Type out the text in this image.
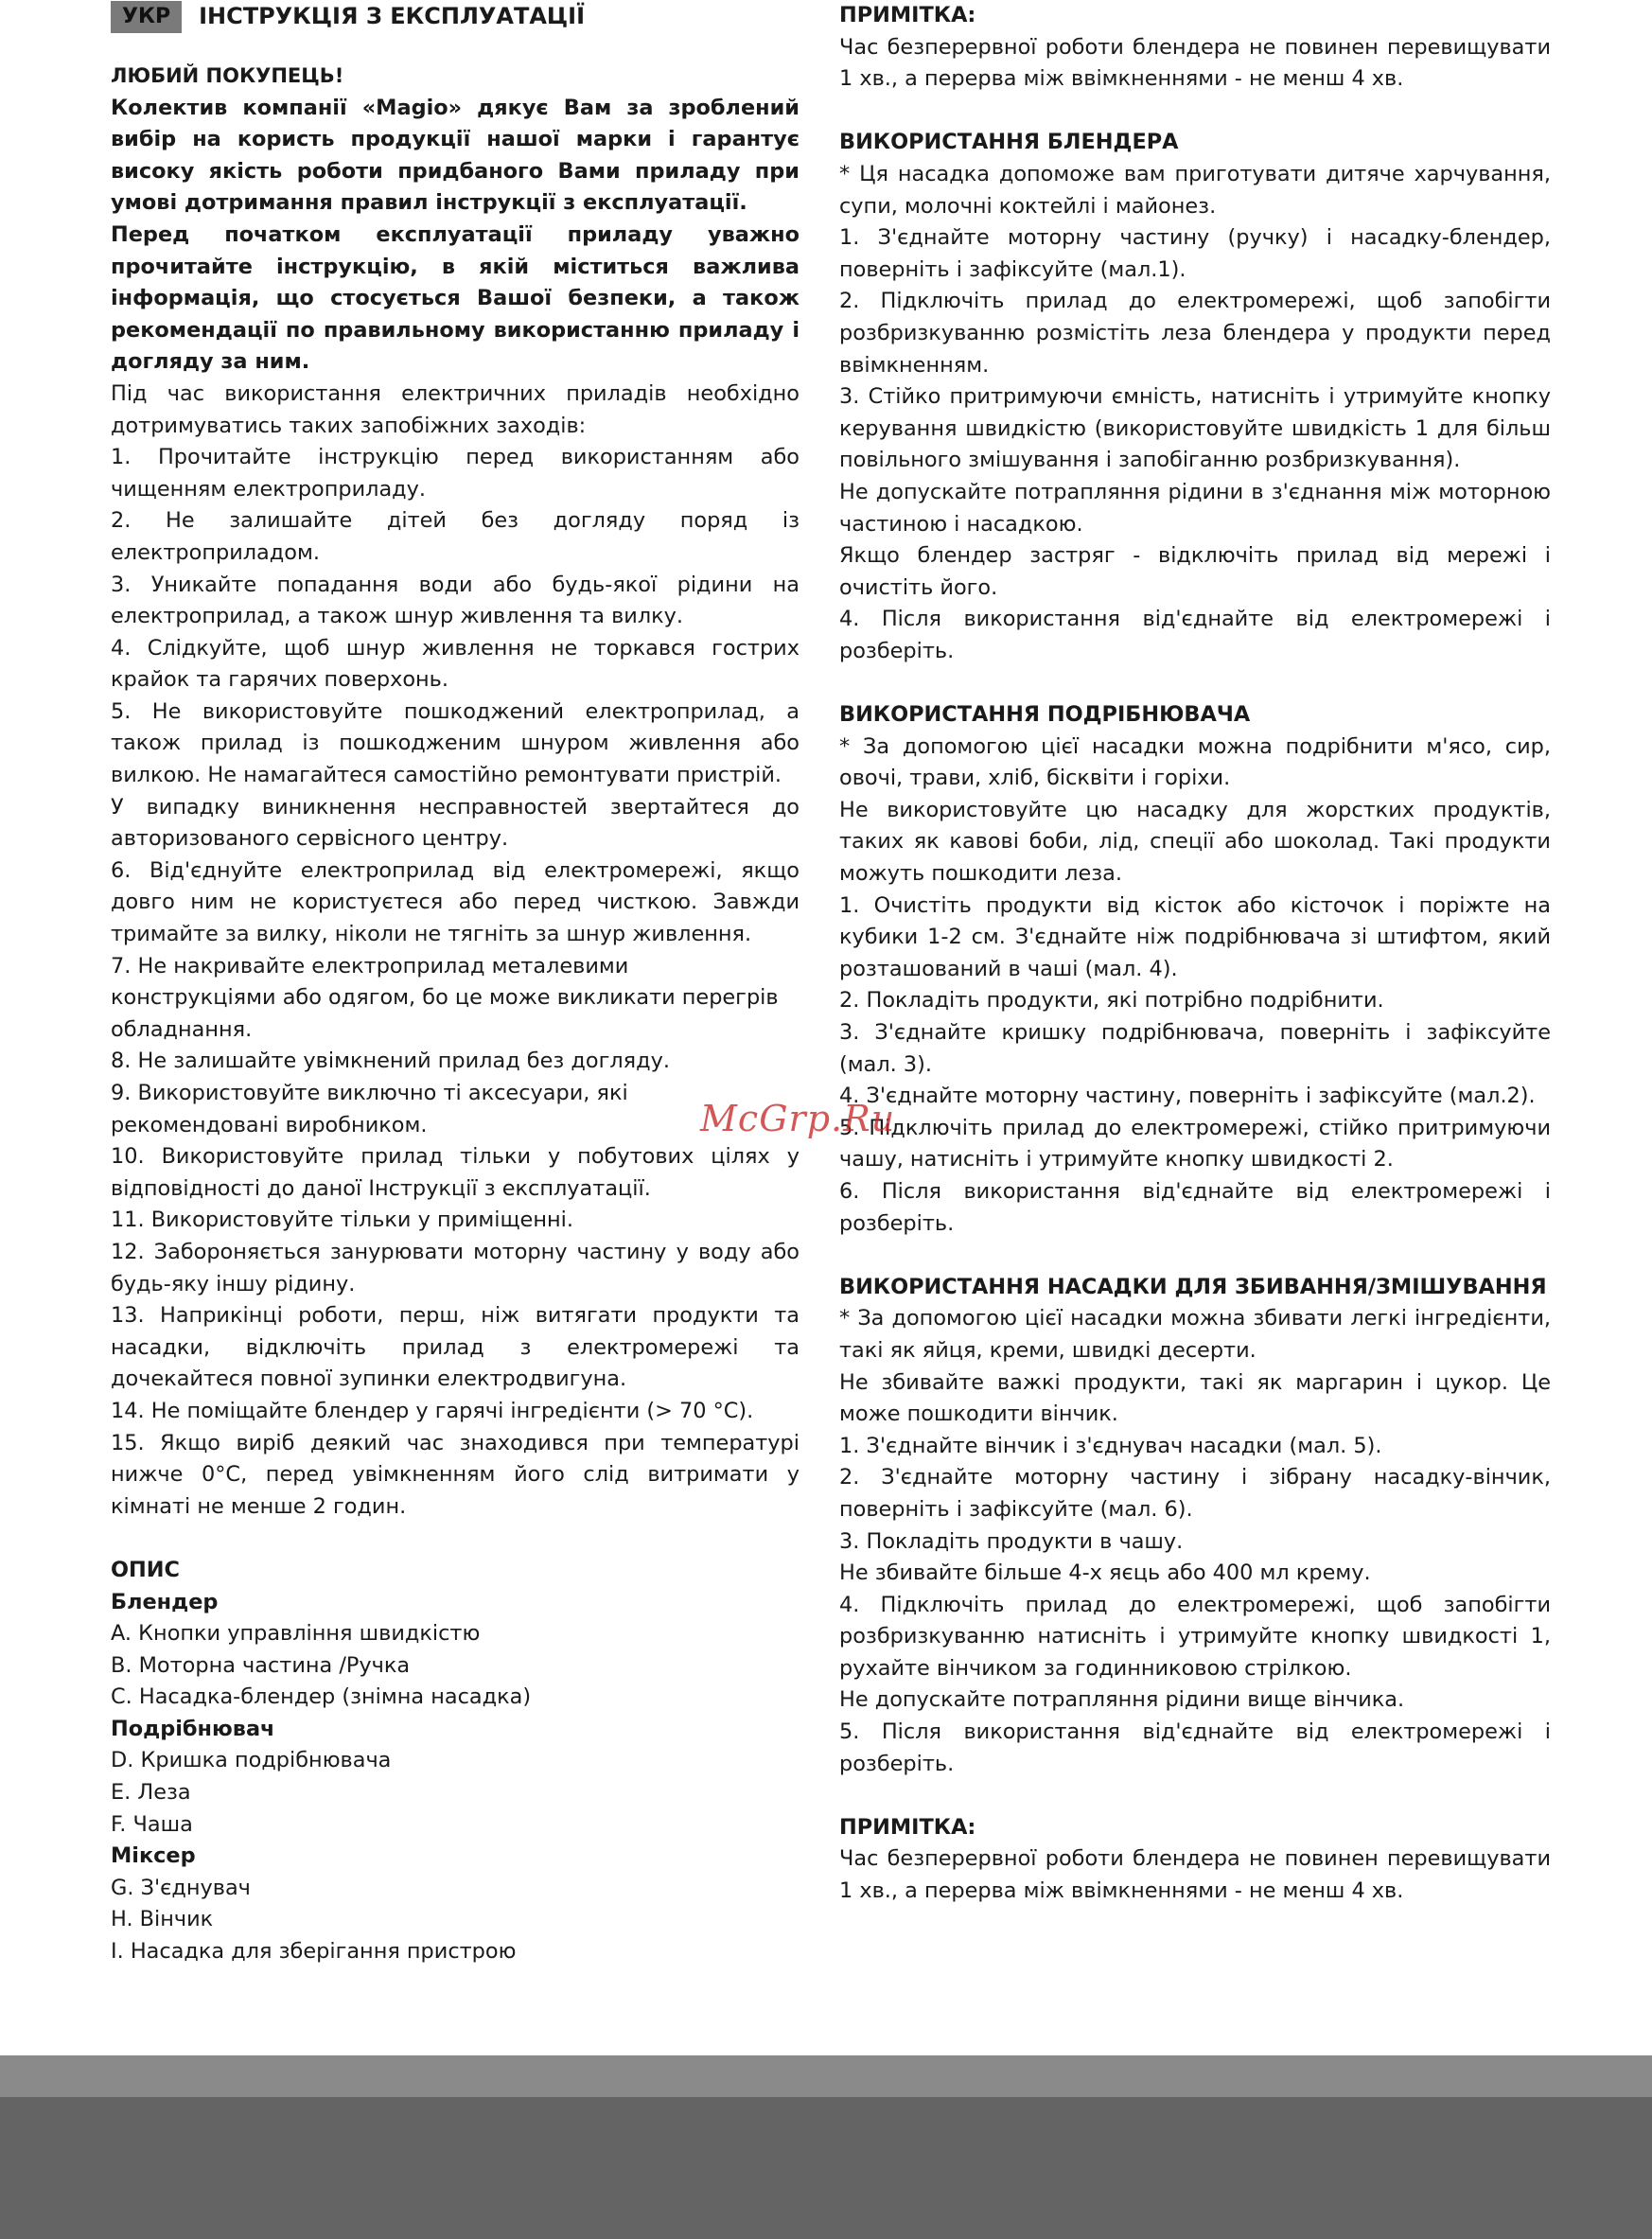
УКР	ІНСТРУКЦІЯ З ЕКСПЛУАТАЦІЇ

ЛЮБИЙ ПОКУПЕЦЬ!

Колектив компанії «Magio» дякує Вам за зроблений вибір на користь продукції нашої марки і гарантує високу якість роботи придбаного Вами приладу при умові дотримання правил інструкції з експлуатації.

Перед початком експлуатації приладу уважно прочитайте інструкцію, в якій міститься важлива інформація, що стосується Вашої безпеки, а також рекомендації по правильному використанню приладу і догляду за ним.

Під час використання електричних приладів необхідно дотримуватись таких запобіжних заходів:

1. Прочитайте інструкцію перед використанням або чищенням електроприладу.

2. Не залишайте дітей без догляду поряд із електроприладом.

3. Уникайте попадання води або будь-якої рідини на електроприлад, а також шнур живлення та вилку.

4. Слідкуйте, щоб шнур живлення не торкався гострих крайок та гарячих поверхонь.

5. Не використовуйте пошкоджений електроприлад, а також прилад із пошкодженим шнуром живлення або вилкою. Не намагайтеся самостійно ремонтувати пристрій.

У випадку виникнення несправностей звертайтеся до авторизованого сервісного центру.

6. Від'єднуйте електроприлад від електромережі, якщо довго ним не користуєтеся або перед чисткою. Завжди тримайте за вилку, ніколи не тягніть за шнур живлення.

7. Не накривайте електроприлад металевими конструкціями або одягом, бо це може викликати перегрів обладнання.

8. Не залишайте увімкнений прилад без догляду.

9. Використовуйте виключно ті аксесуари, які рекомендовані виробником.

10. Використовуйте прилад тільки у побутових цілях у відповідності до даної Інструкції з експлуатації.

11. Використовуйте тільки у приміщенні.

12. Забороняється занурювати моторну частину у воду або будь-яку іншу рідину.

13. Наприкінці роботи, перш, ніж витягати продукти та насадки, відключіть прилад з електромережі та дочекайтеся повної зупинки електродвигуна.

14. Не поміщайте блендер у гарячі інгредієнти (> 70 °C).

15. Якщо виріб деякий час знаходився при температурі нижче 0°C, перед увімкненням його слід витримати у кімнаті не менше 2 годин.

ОПИС

Блендер

A. Кнопки управління швидкістю

B. Моторна частина /Ручка

C. Насадка-блендер (знімна насадка)

Подрібнювач

D. Кришка подрібнювача

E. Леза

F. Чаша

Міксер

G. З'єднувач

H. Вінчик

I. Насадка для зберігання пристрою

ПРИМІТКА:

Час безперервної роботи блендера не повинен перевищувати 1 хв., а перерва між ввімкненнями - не менш 4 хв.

ВИКОРИСТАННЯ БЛЕНДЕРА

* Ця насадка допоможе вам приготувати дитяче харчування, супи, молочні коктейлі і майонез.

1. З'єднайте моторну частину (ручку) і насадку-блендер, поверніть і зафіксуйте (мал.1).

2. Підключіть прилад до електромережі, щоб запобігти розбризкуванню розмістіть леза блендера у продукти перед ввімкненням.

3. Стійко притримуючи ємність, натисніть і утримуйте кнопку керування швидкістю (використовуйте швидкість 1 для більш повільного змішування і запобіганню розбризкування).

Не допускайте потрапляння рідини в з'єднання між моторною частиною і насадкою.

Якщо блендер застряг - відключіть прилад від мережі і очистіть його.

4. Після використання від'єднайте від електромережі і розберіть.

ВИКОРИСТАННЯ ПОДРІБНЮВАЧА

* За допомогою цієї насадки можна подрібнити м'ясо, сир, овочі, трави, хліб, бісквіти і горіхи.

Не використовуйте цю насадку для жорстких продуктів, таких як кавові боби, лід, спеції або шоколад. Такі продукти можуть пошкодити леза.

1. Очистіть продукти від кісток або кісточок і поріжте на кубики 1-2 см. З'єднайте ніж подрібнювача зі штифтом, який розташований в чаші (мал. 4).

2. Покладіть продукти, які потрібно подрібнити.

3. З'єднайте кришку подрібнювача, поверніть і зафіксуйте (мал. 3).

4. З'єднайте моторну частину, поверніть і зафіксуйте (мал.2).

5. Підключіть прилад до електромережі, стійко притримуючи чашу, натисніть і утримуйте кнопку швидкості 2.

6. Після використання від'єднайте від електромережі і розберіть.

ВИКОРИСТАННЯ НАСАДКИ ДЛЯ ЗБИВАННЯ/ЗМІШУВАННЯ

* За допомогою цієї насадки можна збивати легкі інгредієнти, такі як яйця, креми, швидкі десерти.

Не збивайте важкі продукти, такі як маргарин і цукор. Це може пошкодити вінчик.

1. З'єднайте вінчик і з'єднувач насадки (мал. 5).

2. З'єднайте моторну частину і зібрану насадку-вінчик, поверніть і зафіксуйте (мал. 6).

3. Покладіть продукти в чашу.

Не збивайте більше 4-х яєць або 400 мл крему.

4. Підключіть прилад до електромережі, щоб запобігти розбризкуванню натисніть і утримуйте кнопку швидкості 1, рухайте вінчиком за годинниковою стрілкою.

Не допускайте потрапляння рідини вище вінчика.

5. Після використання від'єднайте від електромережі і розберіть.

ПРИМІТКА:

Час безперервної роботи блендера не повинен перевищувати 1 хв., а перерва між ввімкненнями - не менш 4 хв.

McGrp.Ru
